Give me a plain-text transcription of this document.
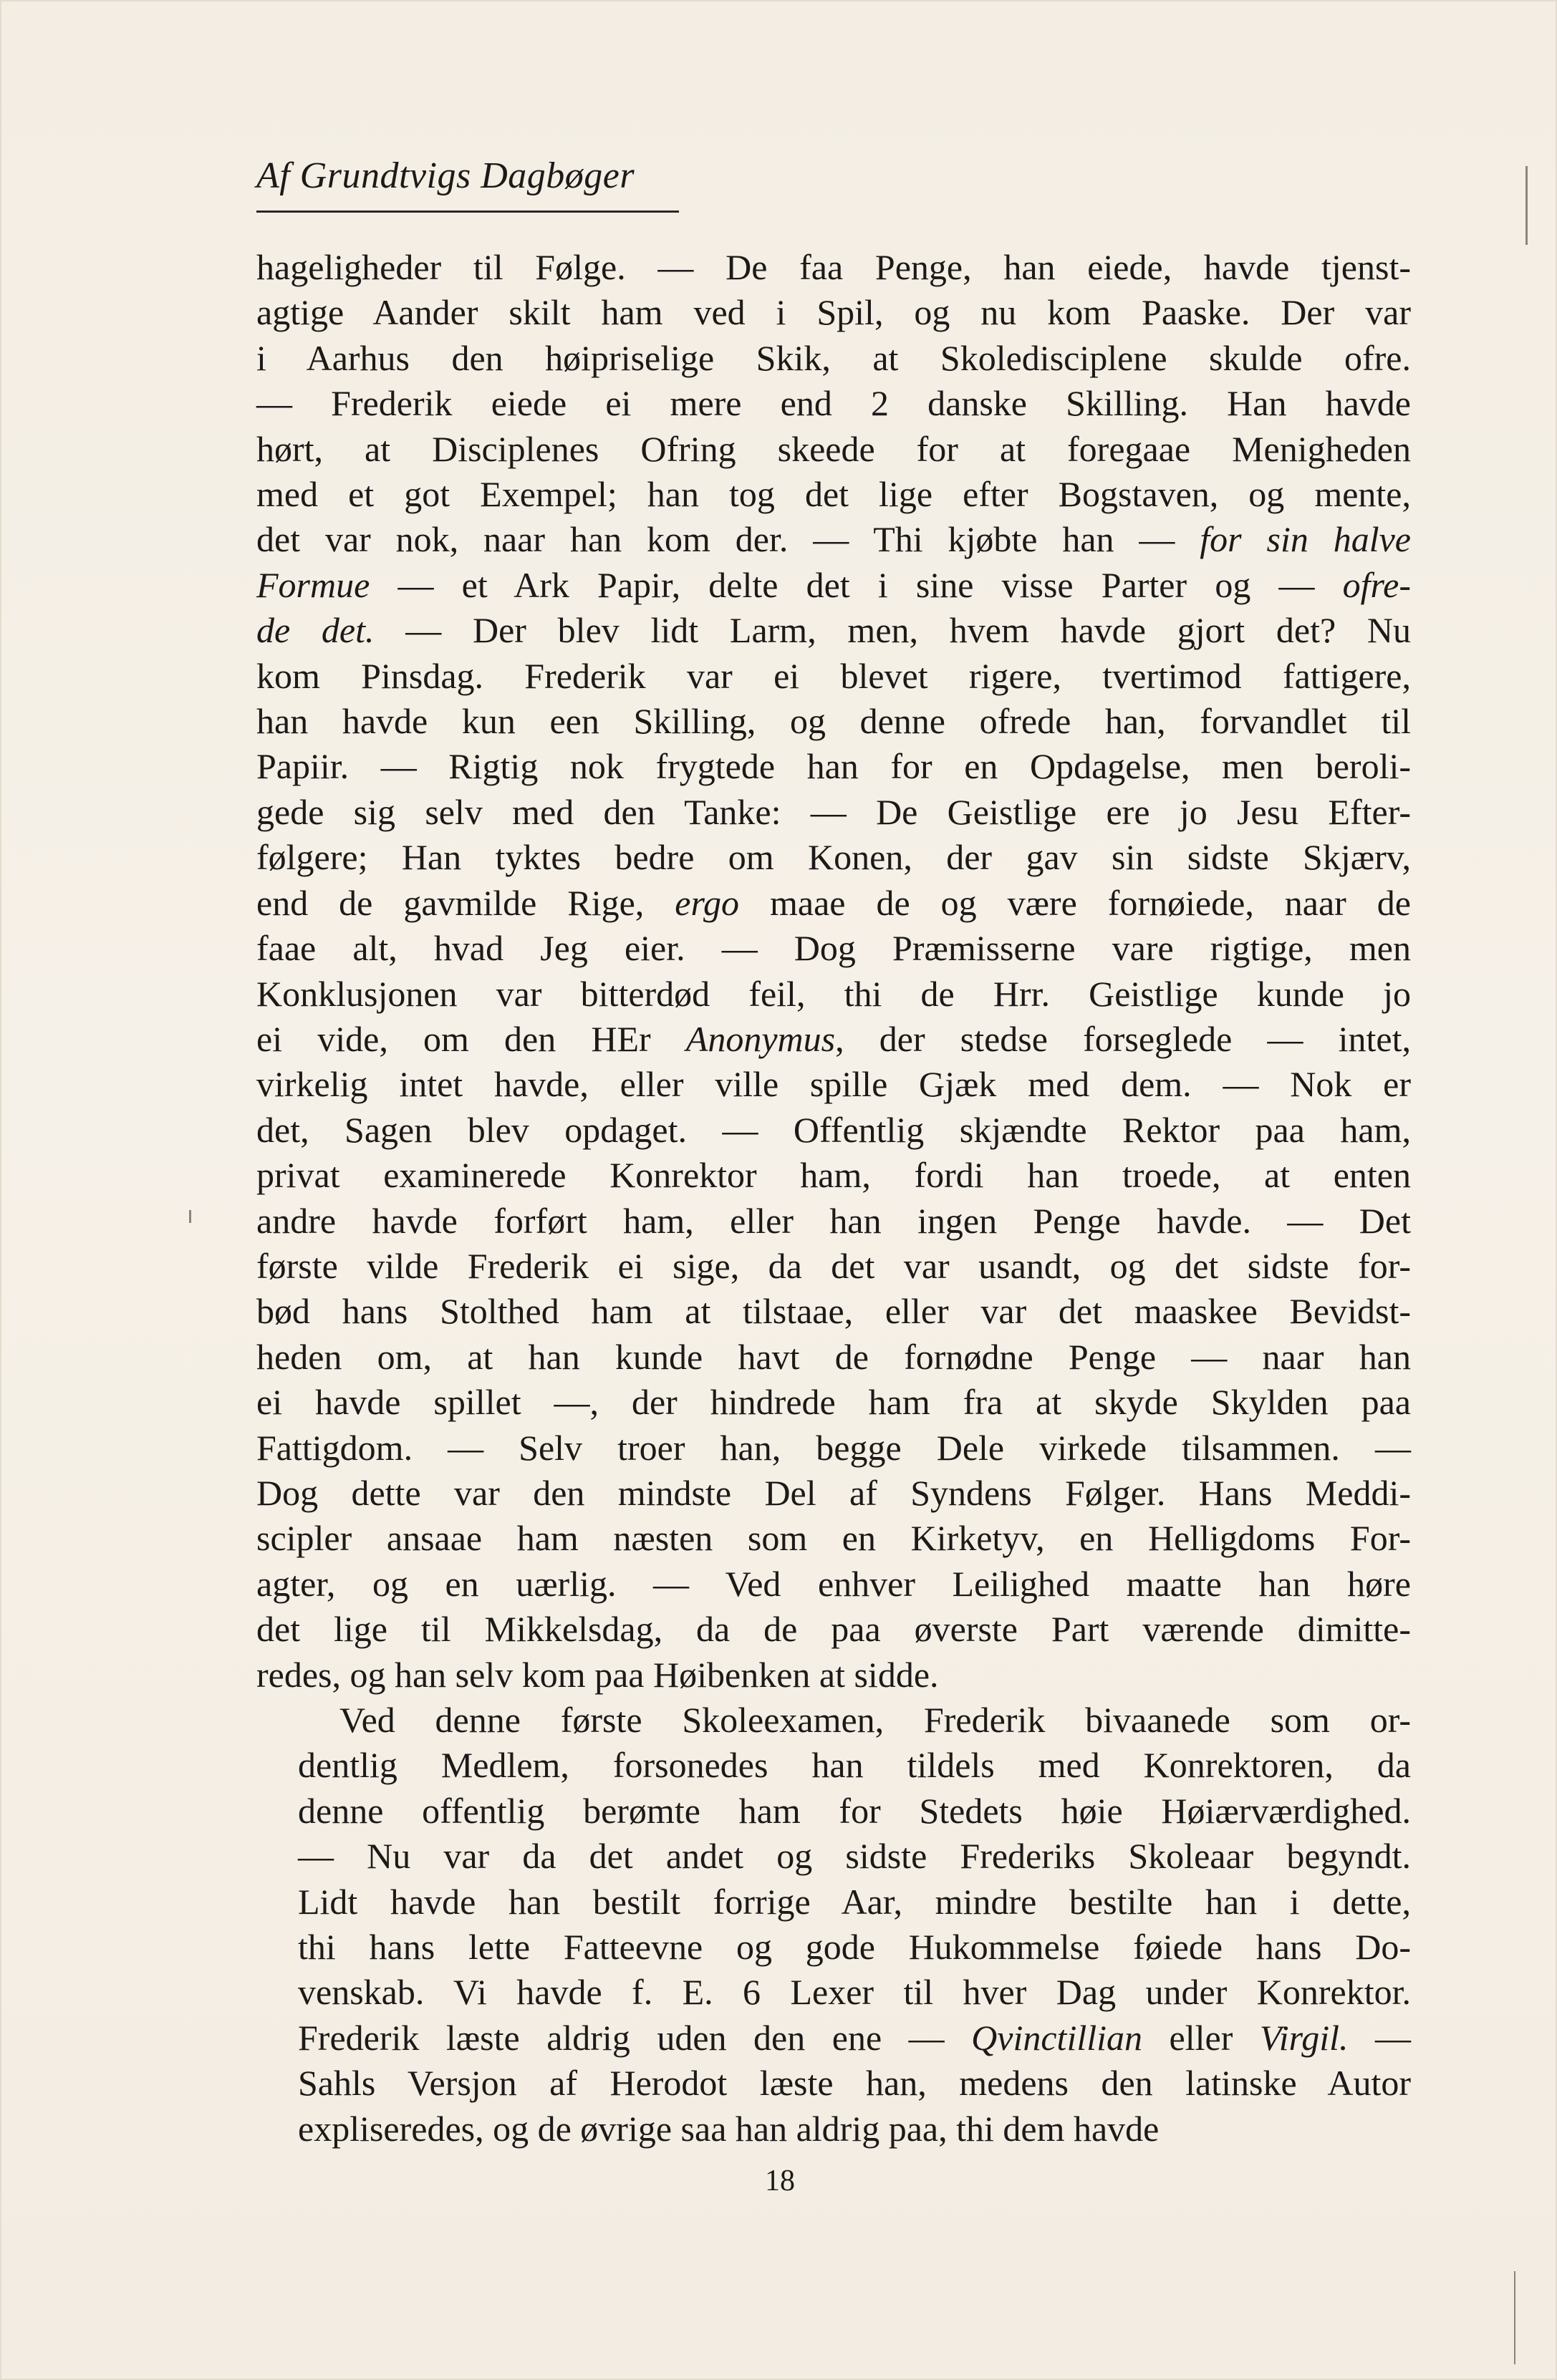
Af Grundtvigs Dagbøger
hageligheder til Følge. — De faa Penge, han eiede, havde tjenst-
agtige Aander skilt ham ved i Spil, og nu kom Paaske. Der var
i Aarhus den høipriselige Skik, at Skoledisciplene skulde ofre.
— Frederik eiede ei mere end 2 danske Skilling. Han havde
hørt, at Disciplenes Ofring skeede for at foregaae Menigheden
med et got Exempel; han tog det lige efter Bogstaven, og mente,
det var nok, naar han kom der. — Thi kjøbte han — for sin halve
Formue — et Ark Papir, delte det i sine visse Parter og — ofre-
de det. — Der blev lidt Larm, men, hvem havde gjort det? Nu
kom Pinsdag. Frederik var ei blevet rigere, tvertimod fattigere,
han havde kun een Skilling, og denne ofrede han, forvandlet til
Papiir. — Rigtig nok frygtede han for en Opdagelse, men beroli-
gede sig selv med den Tanke: — De Geistlige ere jo Jesu Efter-
følgere; Han tyktes bedre om Konen, der gav sin sidste Skjærv,
end de gavmilde Rige, ergo maae de og være fornøiede, naar de
faae alt, hvad Jeg eier. — Dog Præmisserne vare rigtige, men
Konklusjonen var bitterdød feil, thi de Hrr. Geistlige kunde jo
ei vide, om den HEr Anonymus, der stedse forseglede — intet,
virkelig intet havde, eller ville spille Gjæk med dem. — Nok er
det, Sagen blev opdaget. — Offentlig skjændte Rektor paa ham,
privat examinerede Konrektor ham, fordi han troede, at enten
andre havde forført ham, eller han ingen Penge havde. — Det
første vilde Frederik ei sige, da det var usandt, og det sidste for-
bød hans Stolthed ham at tilstaae, eller var det maaskee Bevidst-
heden om, at han kunde havt de fornødne Penge — naar han
ei havde spillet —, der hindrede ham fra at skyde Skylden paa
Fattigdom. — Selv troer han, begge Dele virkede tilsammen. —
Dog dette var den mindste Del af Syndens Følger. Hans Meddi-
scipler ansaae ham næsten som en Kirketyv, en Helligdoms For-
agter, og en uærlig. — Ved enhver Leilighed maatte han høre
det lige til Mikkelsdag, da de paa øverste Part værende dimitte-
redes, og han selv kom paa Høibenken at sidde.
Ved denne første Skoleexamen, Frederik bivaanede som or-
dentlig Medlem, forsonedes han tildels med Konrektoren, da
denne offentlig berømte ham for Stedets høie Høiærværdighed.
— Nu var da det andet og sidste Frederiks Skoleaar begyndt.
Lidt havde han bestilt forrige Aar, mindre bestilte han i dette,
thi hans lette Fatteevne og gode Hukommelse føiede hans Do-
venskab. Vi havde f. E. 6 Lexer til hver Dag under Konrektor.
Frederik læste aldrig uden den ene — Qvinctillian eller Virgil. —
Sahls Versjon af Herodot læste han, medens den latinske Autor
expliseredes, og de øvrige saa han aldrig paa, thi dem havde
18
